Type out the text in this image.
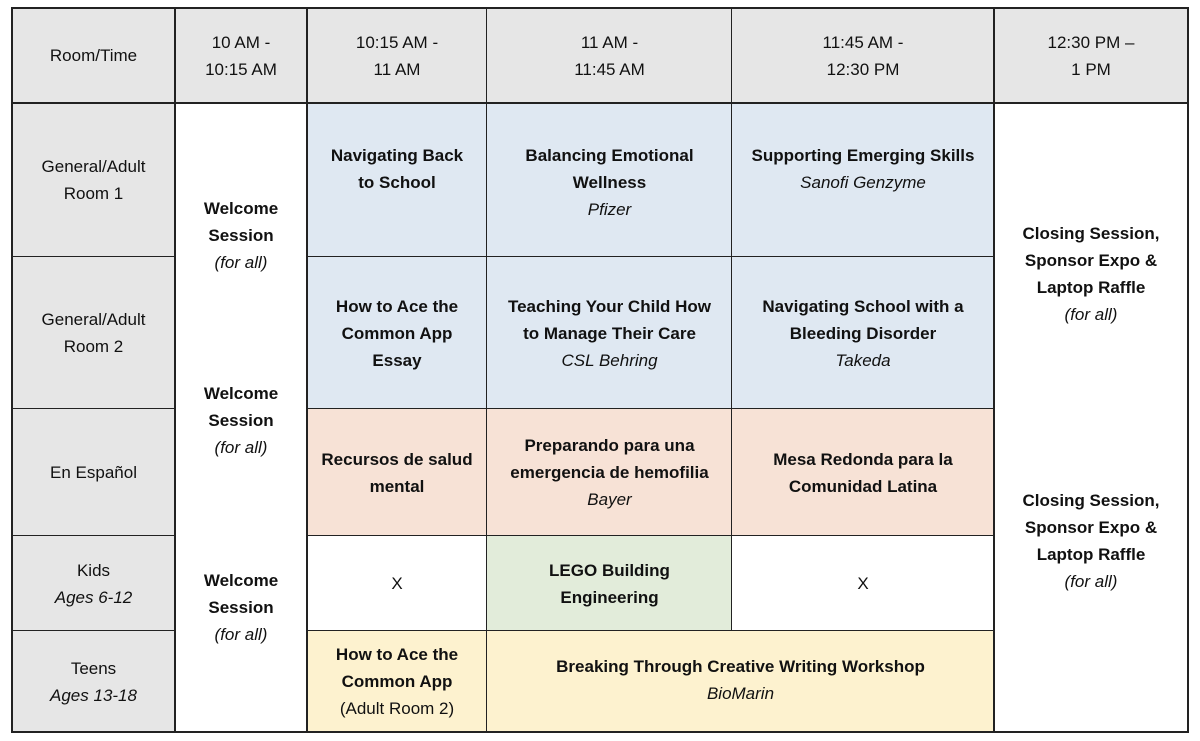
Room/Time
10 AM -
10:15 AM
10:15 AM -
11 AM
11 AM -
11:45 AM
11:45 AM -
12:30 PM
12:30 PM –
1 PM
General/Adult
Room 1
General/Adult
Room 2
En Español
Kids
Ages 6-12
Teens
Ages 13-18
Welcome
Session
(for all)
Welcome
Session
(for all)
Welcome
Session
(for all)
Navigating Back
to School
Balancing Emotional
Wellness
Pfizer
Supporting Emerging Skills
Sanofi Genzyme
How to Ace the
Common App
Essay
Teaching Your Child How
to Manage Their Care
CSL Behring
Navigating School with a
Bleeding Disorder
Takeda
Recursos de salud
mental
Preparando para una
emergencia de hemofilia
Bayer
Mesa Redonda para la
Comunidad Latina
X
LEGO Building
Engineering
X
How to Ace the
Common App
(Adult Room 2)
Breaking Through Creative Writing Workshop
BioMarin
Closing Session,
Sponsor Expo &
Laptop Raffle
(for all)
Closing Session,
Sponsor Expo &
Laptop Raffle
(for all)
